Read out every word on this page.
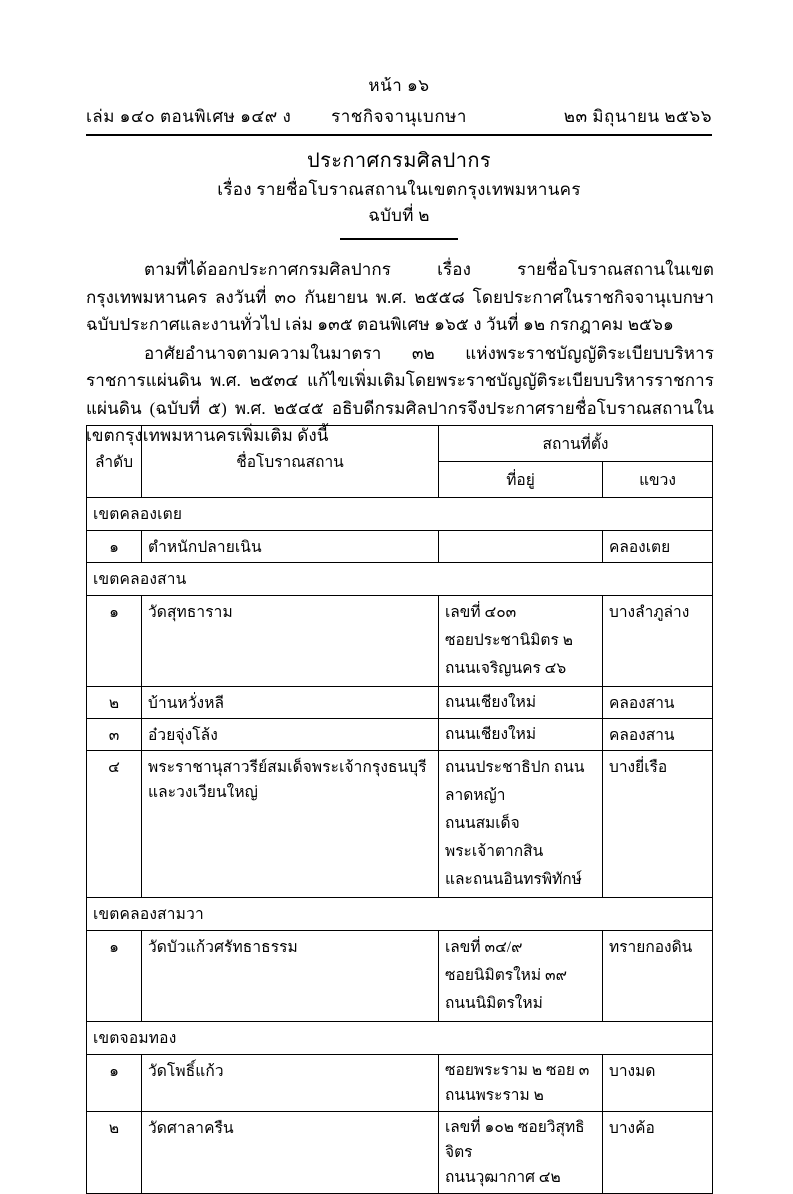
หน้า ๑๖
เล่ม ๑๔๐ ตอนพิเศษ ๑๔๙ ง ราชกิจจานุเบกษา	๒๓ มิถุนายน ๒๕๖๖
ประกาศกรมศิลปากร
เรื่อง รายชื่อโบราณสถานในเขตกรุงเทพมหานคร
ฉบับที่ ๒

ตามที่ได้ออกประกาศกรมศิลปากร เรื่อง รายชื่อโบราณสถานในเขตกรุงเทพมหานคร ลงวันที่ ๓๐ กันยายน พ.ศ. ๒๕๕๘ โดยประกาศในราชกิจจานุเบกษาฉบับประกาศและงานทั่วไป เล่ม ๑๓๕ ตอนพิเศษ ๑๖๕ ง วันที่ ๑๒ กรกฎาคม ๒๕๖๑

อาศัยอำนาจตามความในมาตรา ๓๒ แห่งพระราชบัญญัติระเบียบบริหารราชการแผ่นดิน พ.ศ. ๒๕๓๔ แก้ไขเพิ่มเติมโดยพระราชบัญญัติระเบียบบริหารราชการแผ่นดิน (ฉบับที่ ๕) พ.ศ. ๒๕๔๕ อธิบดีกรมศิลปากรจึงประกาศรายชื่อโบราณสถานในเขตกรุงเทพมหานครเพิ่มเติม ดังนี้

ลำดับ	ชื่อโบราณสถาน	สถานที่ตั้ง	
		ที่อยู่	แขวง
เขตคลองเตย			
๑	ตำหนักปลายเนิน		คลองเตย
เขตคลองสาน			
๑	วัดสุทธาราม	เลขที่ ๔๐๓
ซอยประชานิมิตร ๒
ถนนเจริญนคร ๔๖	บางลำภูล่าง
๒	บ้านหวั่งหลี	ถนนเชียงใหม่	คลองสาน
๓	อ๋วยจุ่งโล้ง	ถนนเชียงใหม่	คลองสาน
๔	พระราชานุสาวรีย์สมเด็จพระเจ้ากรุงธนบุรีและวงเวียนใหญ่	ถนนประชาธิปก ถนนลาดหญ้า
ถนนสมเด็จพระเจ้าตากสิน
และถนนอินทรพิทักษ์	บางยี่เรือ
เขตคลองสามวา			
๑	วัดบัวแก้วศรัทธาธรรม	เลขที่ ๓๔/๙
ซอยนิมิตรใหม่ ๓๙
ถนนนิมิตรใหม่	ทรายกองดิน
เขตจอมทอง			
๑	วัดโพธิ์แก้ว	ซอยพระราม ๒ ซอย ๓
ถนนพระราม ๒	บางมด
๒	วัดศาลาครืน	เลขที่ ๑๐๒ ซอยวิสุทธิจิตร
ถนนวุฒากาศ ๔๒	บางค้อ
